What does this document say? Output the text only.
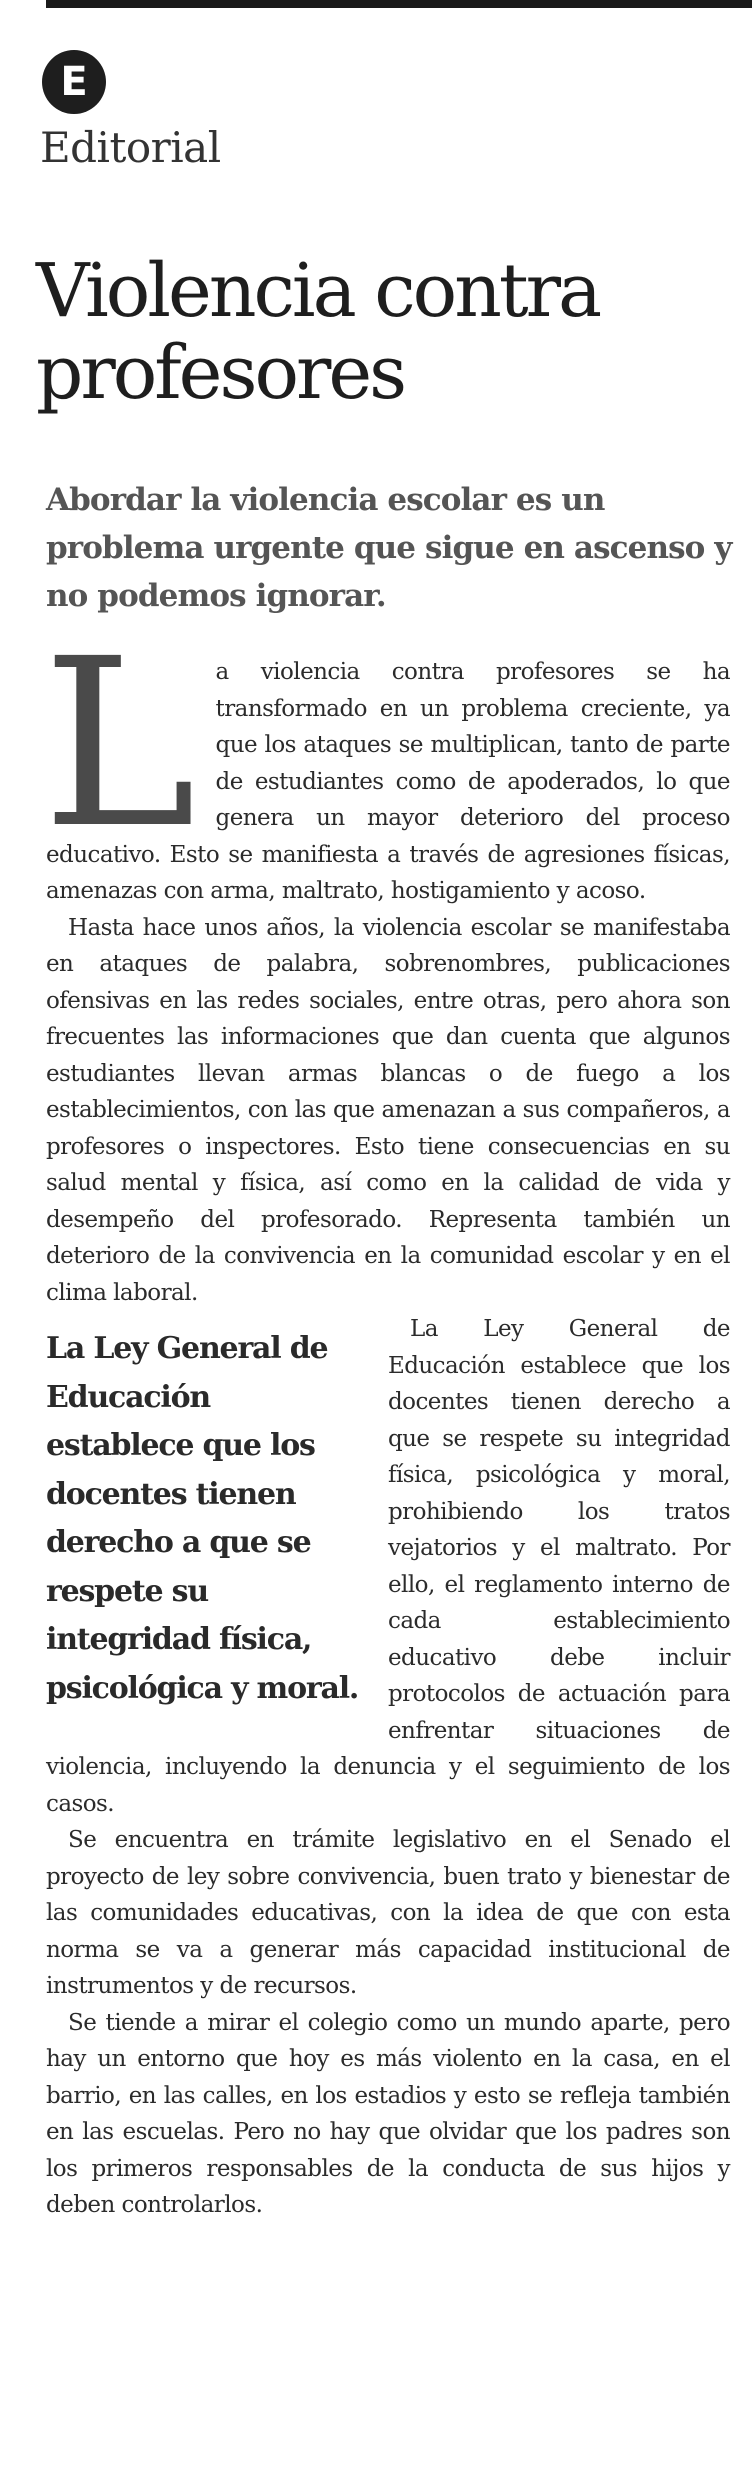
E
Editorial
Violencia contra profesores

Abordar la violencia escolar es un problema urgente que sigue en ascenso y no podemos ignorar.

La violencia contra profesores se ha transformado en un problema creciente, ya que los ataques se multiplican, tanto de parte de estudiantes como de apoderados, lo que genera un mayor deterioro del proceso educativo. Esto se manifiesta a través de agresiones físicas, amenazas con arma, maltrato, hostigamiento y acoso.

Hasta hace unos años, la violencia escolar se manifestaba en ataques de palabra, sobrenombres, publicaciones ofensivas en las redes sociales, entre otras, pero ahora son frecuentes las informaciones que dan cuenta que algunos estudiantes llevan armas blancas o de fuego a los establecimientos, con las que amenazan a sus compañeros, a profesores o inspectores. Esto tiene consecuencias en su salud mental y física, así como en la calidad de vida y desempeño del profesorado. Representa también un deterioro de la convivencia en la comunidad escolar y en el clima laboral.

La Ley General de Educación establece que los docentes tienen derecho a que se respete su integridad física, psicológica y moral.
La Ley General de Educación establece que los docentes tienen derecho a que se respete su integridad física, psicológica y moral, prohibiendo los tratos vejatorios y el maltrato. Por ello, el reglamento interno de cada establecimiento educativo debe incluir protocolos de actuación para enfrentar situaciones de violencia, incluyendo la denuncia y el seguimiento de los casos.

Se encuentra en trámite legislativo en el Senado el proyecto de ley sobre convivencia, buen trato y bienestar de las comunidades educativas, con la idea de que con esta norma se va a generar más capacidad institucional de instrumentos y de recursos.

Se tiende a mirar el colegio como un mundo aparte, pero hay un entorno que hoy es más violento en la casa, en el barrio, en las calles, en los estadios y esto se refleja también en las escuelas. Pero no hay que olvidar que los padres son los primeros responsables de la conducta de sus hijos y deben controlarlos.
